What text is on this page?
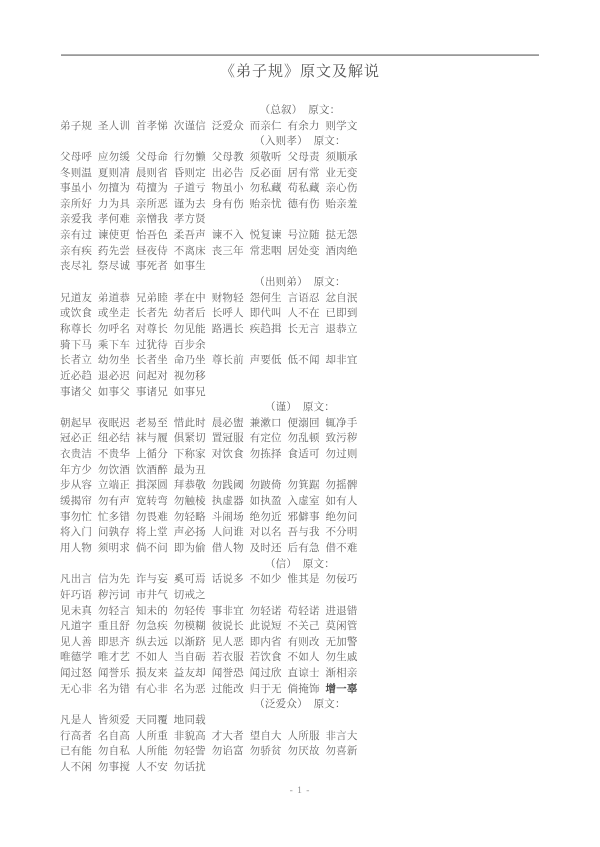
《弟子规》原文及解说
（总叙） 原文：
弟子规 圣人训 首孝悌 次谨信 泛爱众 而亲仁 有余力 则学文
（入则孝） 原文：
父母呼 应勿缓 父母命 行勿懒 父母教 须敬听 父母责 须顺承
冬则温 夏则凊 晨则省 昏则定 出必告 反必面 居有常 业无变
事虽小 勿擅为 苟擅为 子道亏 物虽小 勿私藏 苟私藏 亲心伤
亲所好 力为具 亲所恶 谨为去 身有伤 贻亲忧 德有伤 贻亲羞
亲爱我 孝何难 亲憎我 孝方贤
亲有过 谏使更 怡吾色 柔吾声 谏不入 悦复谏 号泣随 挞无怨
亲有疾 药先尝 昼夜侍 不离床 丧三年 常悲咽 居处变 酒肉绝
丧尽礼 祭尽诚 事死者 如事生
（出则弟） 原文：
兄道友 弟道恭 兄弟睦 孝在中 财物轻 怨何生 言语忍 忿自泯
或饮食 或坐走 长者先 幼者后 长呼人 即代叫 人不在 已即到
称尊长 勿呼名 对尊长 勿见能 路遇长 疾趋揖 长无言 退恭立
骑下马 乘下车 过犹待 百步余
长者立 幼勿坐 长者坐 命乃坐 尊长前 声要低 低不闻 却非宜
近必趋 退必迟 问起对 视勿移
事诸父 如事父 事诸兄 如事兄
（谨） 原文：
朝起早 夜眠迟 老易至 惜此时 晨必盥 兼漱口 便溺回 辄净手
冠必正 纽必结 袜与履 俱紧切 置冠服 有定位 勿乱顿 致污秽
衣贵洁 不贵华 上循分 下称家 对饮食 勿拣择 食适可 勿过则
年方少 勿饮酒 饮酒醉 最为丑
步从容 立端正 揖深圆 拜恭敬 勿践阈 勿跛倚 勿箕踞 勿摇髀
缓揭帘 勿有声 宽转弯 勿触棱 执虚器 如执盈 入虚室 如有人
事勿忙 忙多错 勿畏难 勿轻略 斗闹场 绝勿近 邪僻事 绝勿问
将入门 问孰存 将上堂 声必扬 人问谁 对以名 吾与我 不分明
用人物 须明求 倘不问 即为偷 借人物 及时还 后有急 借不难
（信） 原文：
凡出言 信为先 诈与妄 奚可焉 话说多 不如少 惟其是 勿佞巧
奸巧语 秽污词 市井气 切戒之
见未真 勿轻言 知未的 勿轻传 事非宜 勿轻诺 苟轻诺 进退错
凡道字 重且舒 勿急疾 勿模糊 彼说长 此说短 不关己 莫闲管
见人善 即思齐 纵去远 以渐跻 见人恶 即内省 有则改 无加警
唯德学 唯才艺 不如人 当自砺 若衣服 若饮食 不如人 勿生戚
闻过怒 闻誉乐 损友来 益友却 闻誉恐 闻过欣 直谅士 渐相亲
无心非 名为错 有心非 名为恶 过能改 归于无 倘掩饰 增一辜
（泛爱众） 原文：
凡是人 皆须爱 天同覆 地同载
行高者 名自高 人所重 非貌高 才大者 望自大 人所服 非言大
已有能 勿自私 人所能 勿轻訾 勿谄富 勿骄贫 勿厌故 勿喜新
人不闲 勿事搅 人不安 勿话扰
- 1 -
